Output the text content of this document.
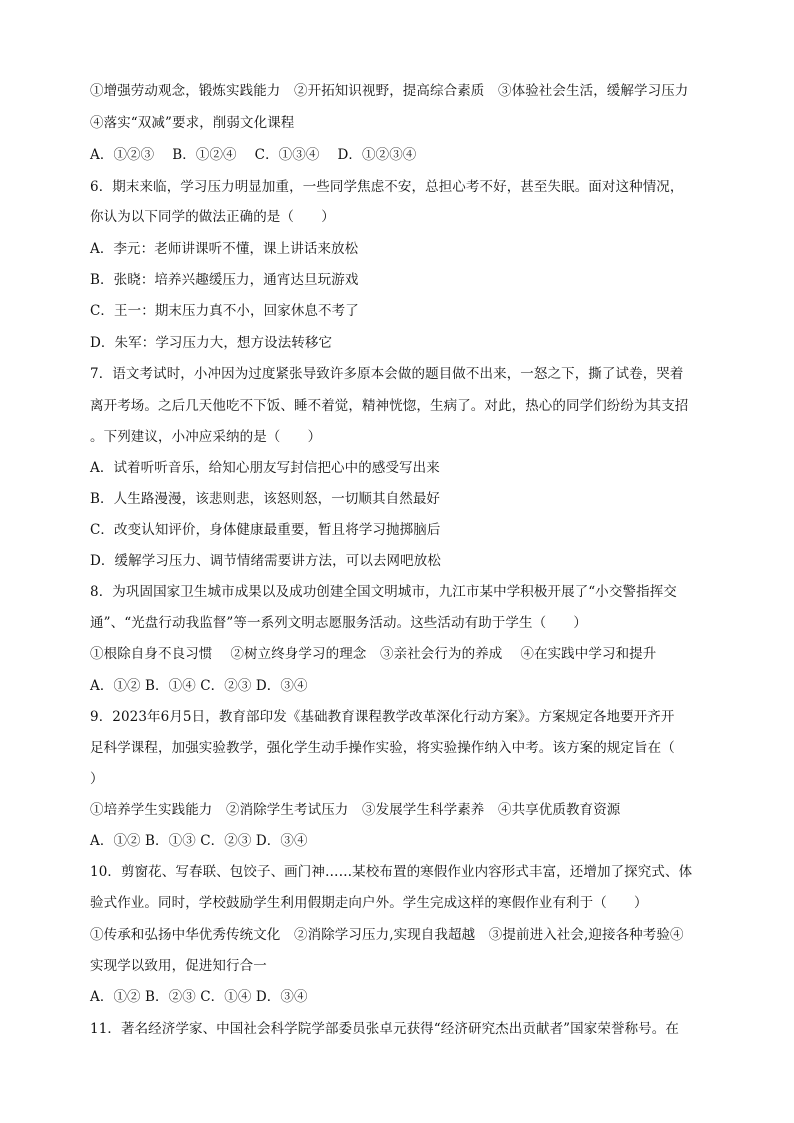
①增强劳动观念，锻炼实践能力　②开拓知识视野，提高综合素质　③体验社会生活，缓解学习压力
④落实“双减”要求，削弱文化课程
A．①②③　 B．①②④　 C．①③④　 D．①②③④
6．期末来临，学习压力明显加重，一些同学焦虑不安，总担心考不好，甚至失眠。面对这种情况，
你认为以下同学的做法正确的是（　　）
A．李元：老师讲课听不懂，课上讲话来放松
B．张晓：培养兴趣缓压力，通宵达旦玩游戏
C．王一：期末压力真不小，回家休息不考了
D．朱军：学习压力大，想方设法转移它
7．语文考试时，小冲因为过度紧张导致许多原本会做的题目做不出来，一怒之下，撕了试卷，哭着
离开考场。之后几天他吃不下饭、睡不着觉，精神恍惚，生病了。对此，热心的同学们纷纷为其支招
。下列建议，小冲应采纳的是（　　）
A．试着听听音乐，给知心朋友写封信把心中的感受写出来
B．人生路漫漫，该悲则悲，该怒则怒，一切顺其自然最好
C．改变认知评价，身体健康最重要，暂且将学习抛掷脑后
D．缓解学习压力、调节情绪需要讲方法，可以去网吧放松
8．为巩固国家卫生城市成果以及成功创建全国文明城市，九江市某中学积极开展了“小交警指挥交
通”、“光盘行动我监督”等一系列文明志愿服务活动。这些活动有助于学生（　　）
①根除自身不良习惯　 ②树立终身学习的理念　③亲社会行为的养成　 ④在实践中学习和提升
A．①② B．①④ C．②③ D．③④
9．2023年6月5日，教育部印发《基础教育课程教学改革深化行动方案》。方案规定各地要开齐开
足科学课程，加强实验教学，强化学生动手操作实验，将实验操作纳入中考。该方案的规定旨在（
）
①培养学生实践能力　②消除学生考试压力　③发展学生科学素养　④共享优质教育资源
A．①② B．①③ C．②③ D．③④
10．剪窗花、写春联、包饺子、画门神……某校布置的寒假作业内容形式丰富，还增加了探究式、体
验式作业。同时，学校鼓励学生利用假期走向户外。学生完成这样的寒假作业有利于（　　）
①传承和弘扬中华优秀传统文化　②消除学习压力,实现自我超越　③提前进入社会,迎接各种考验④
实现学以致用，促进知行合一
A．①② B．②③ C．①④ D．③④
11．著名经济学家、中国社会科学院学部委员张卓元获得“经济研究杰出贡献者”国家荣誉称号。在
